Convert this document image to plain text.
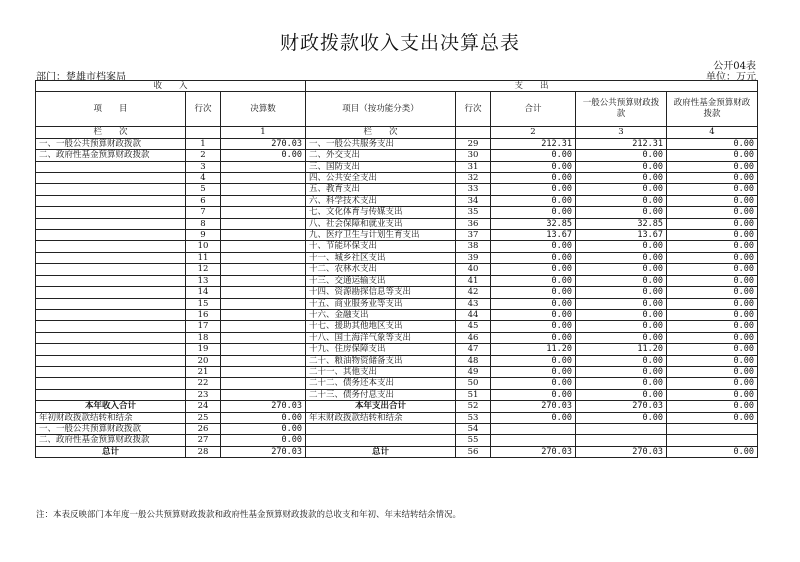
财政拨款收入支出决算总表
公开04表
部门：楚雄市档案局	单位：万元
收　　入			支　　出				
项　　目	行次	决算数	项目（按功能分类）	行次	合计	一般公共预算财政拨款	政府性基金预算财政拨款
栏　　次		1	栏　　次		2	3	4
一、一般公共预算财政拨款	1	270.03	一、一般公共服务支出	29	212.31	212.31	0.00
二、政府性基金预算财政拨款	2	0.00	二、外交支出	30	0.00	0.00	0.00
	3		三、国防支出	31	0.00	0.00	0.00
	4		四、公共安全支出	32	0.00	0.00	0.00
	5		五、教育支出	33	0.00	0.00	0.00
	6		六、科学技术支出	34	0.00	0.00	0.00
	7		七、文化体育与传媒支出	35	0.00	0.00	0.00
	8		八、社会保障和就业支出	36	32.85	32.85	0.00
	9		九、医疗卫生与计划生育支出	37	13.67	13.67	0.00
	10		十、节能环保支出	38	0.00	0.00	0.00
	11		十一、城乡社区支出	39	0.00	0.00	0.00
	12		十二、农林水支出	40	0.00	0.00	0.00
	13		十三、交通运输支出	41	0.00	0.00	0.00
	14		十四、资源勘探信息等支出	42	0.00	0.00	0.00
	15		十五、商业服务业等支出	43	0.00	0.00	0.00
	16		十六、金融支出	44	0.00	0.00	0.00
	17		十七、援助其他地区支出	45	0.00	0.00	0.00
	18		十八、国土海洋气象等支出	46	0.00	0.00	0.00
	19		十九、住房保障支出	47	11.20	11.20	0.00
	20		二十、粮油物资储备支出	48	0.00	0.00	0.00
	21		二十一、其他支出	49	0.00	0.00	0.00
	22		二十二、债务还本支出	50	0.00	0.00	0.00
	23		二十三、债务付息支出	51	0.00	0.00	0.00
本年收入合计	24	270.03	本年支出合计	52	270.03	270.03	0.00
年初财政拨款结转和结余	25	0.00	年末财政拨款结转和结余	53	0.00	0.00	0.00
一、一般公共预算财政拨款	26	0.00		54			
二、政府性基金预算财政拨款	27	0.00		55			
总计	28	270.03	总计	56	270.03	270.03	0.00
注：本表反映部门本年度一般公共预算财政拨款和政府性基金预算财政拨款的总收支和年初、年末结转结余情况。
